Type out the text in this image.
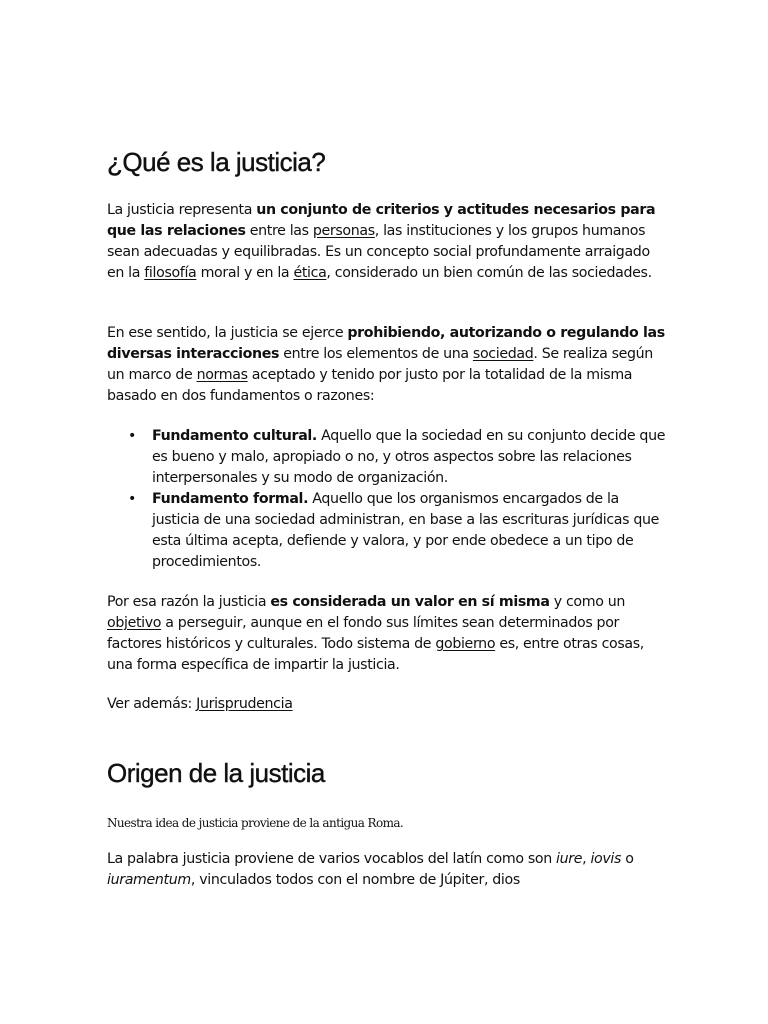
¿Qué es la justicia?

La justicia representa un conjunto de criterios y actitudes necesarios para que las relaciones entre las personas, las instituciones y los grupos humanos sean adecuadas y equilibradas. Es un concepto social profundamente arraigado en la filosofía moral y en la ética, considerado un bien común de las sociedades.

En ese sentido, la justicia se ejerce prohibiendo, autorizando o regulando las diversas interacciones entre los elementos de una sociedad. Se realiza según un marco de normas aceptado y tenido por justo por la totalidad de la misma basado en dos fundamentos o razones:

• Fundamento cultural. Aquello que la sociedad en su conjunto decide que es bueno y malo, apropiado o no, y otros aspectos sobre las relaciones interpersonales y su modo de organización.
• Fundamento formal. Aquello que los organismos encargados de la justicia de una sociedad administran, en base a las escrituras jurídicas que esta última acepta, defiende y valora, y por ende obedece a un tipo de procedimientos.

Por esa razón la justicia es considerada un valor en sí misma y como un objetivo a perseguir, aunque en el fondo sus límites sean determinados por factores históricos y culturales. Todo sistema de gobierno es, entre otras cosas, una forma específica de impartir la justicia.

Ver además: Jurisprudencia

Origen de la justicia

Nuestra idea de justicia proviene de la antigua Roma.

La palabra justicia proviene de varios vocablos del latín como son iure, iovis o iuramentum, vinculados todos con el nombre de Júpiter, dios
